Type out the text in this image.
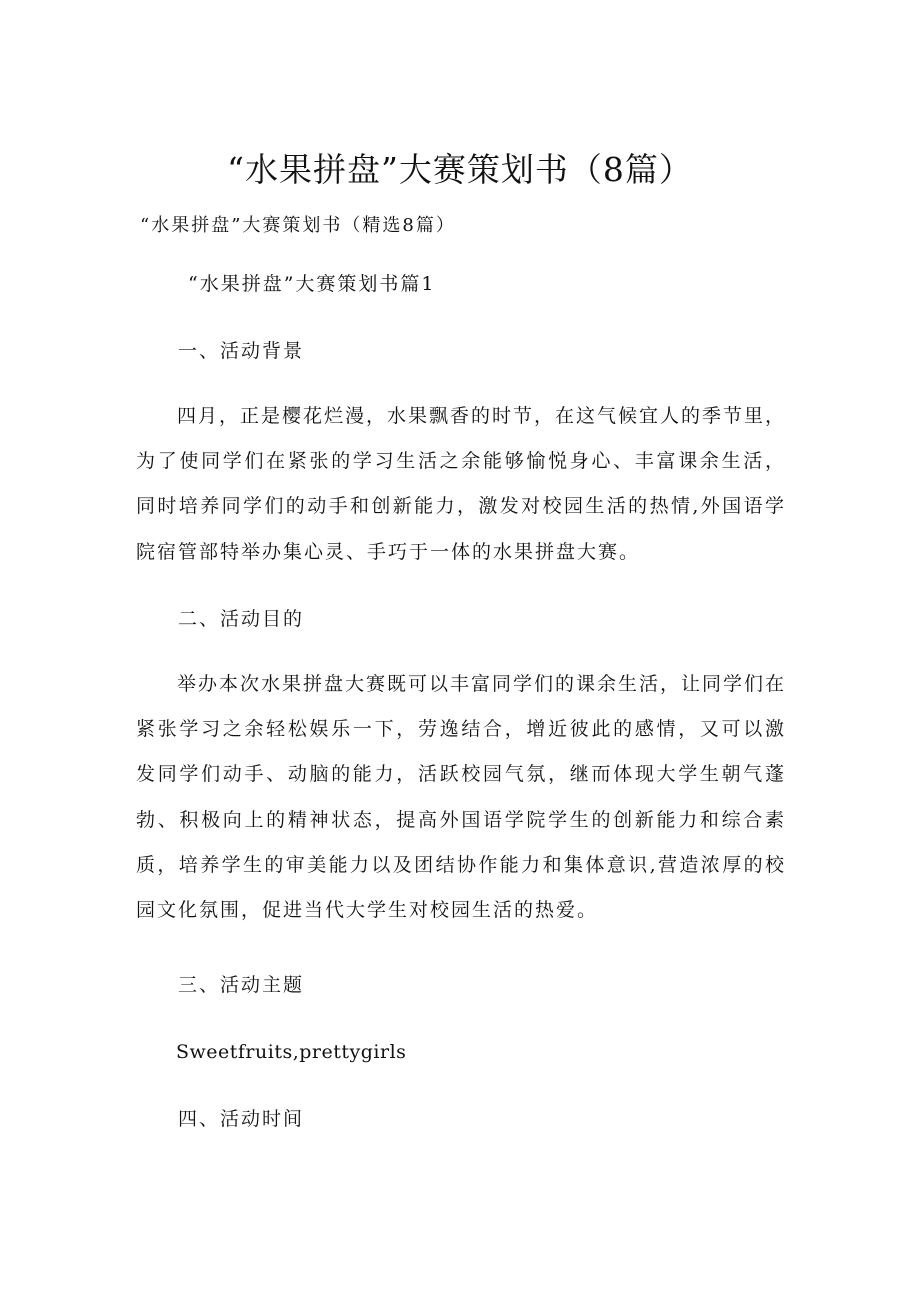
“水果拼盘”大赛策划书（8篇）

“水果拼盘”大赛策划书（精选8篇）

“水果拼盘”大赛策划书篇1

一、活动背景

四月，正是樱花烂漫，水果飘香的时节，在这气候宜人的季节里，为了使同学们在紧张的学习生活之余能够愉悦身心、丰富课余生活，同时培养同学们的动手和创新能力，激发对校园生活的热情,外国语学院宿管部特举办集心灵、手巧于一体的水果拼盘大赛。

二、活动目的

举办本次水果拼盘大赛既可以丰富同学们的课余生活，让同学们在紧张学习之余轻松娱乐一下，劳逸结合，增近彼此的感情，又可以激发同学们动手、动脑的能力，活跃校园气氛，继而体现大学生朝气蓬勃、积极向上的精神状态，提高外国语学院学生的创新能力和综合素质，培养学生的审美能力以及团结协作能力和集体意识,营造浓厚的校园文化氛围，促进当代大学生对校园生活的热爱。

三、活动主题

Sweetfruits,prettygirls

四、活动时间
